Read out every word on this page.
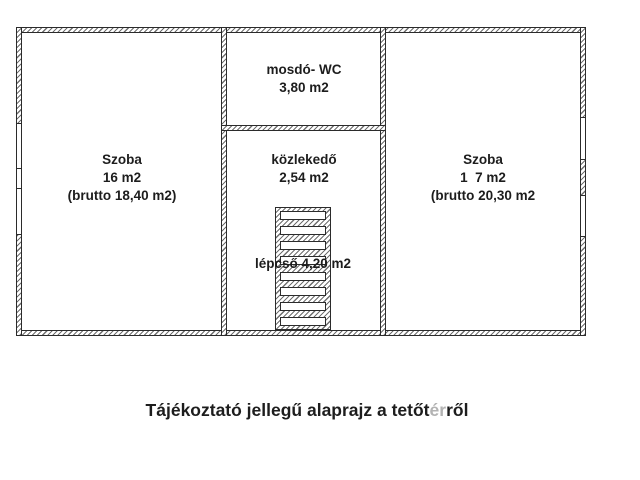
Szoba
16 m2
(brutto 18,40 m2)
mosdó- WC
3,80 m2
közlekedő
2,54 m2
Szoba
1  7 m2
(brutto 20,30 m2
lépcső 4,20 m2
Tájékoztató jellegű alaprajz a tetőtérről
